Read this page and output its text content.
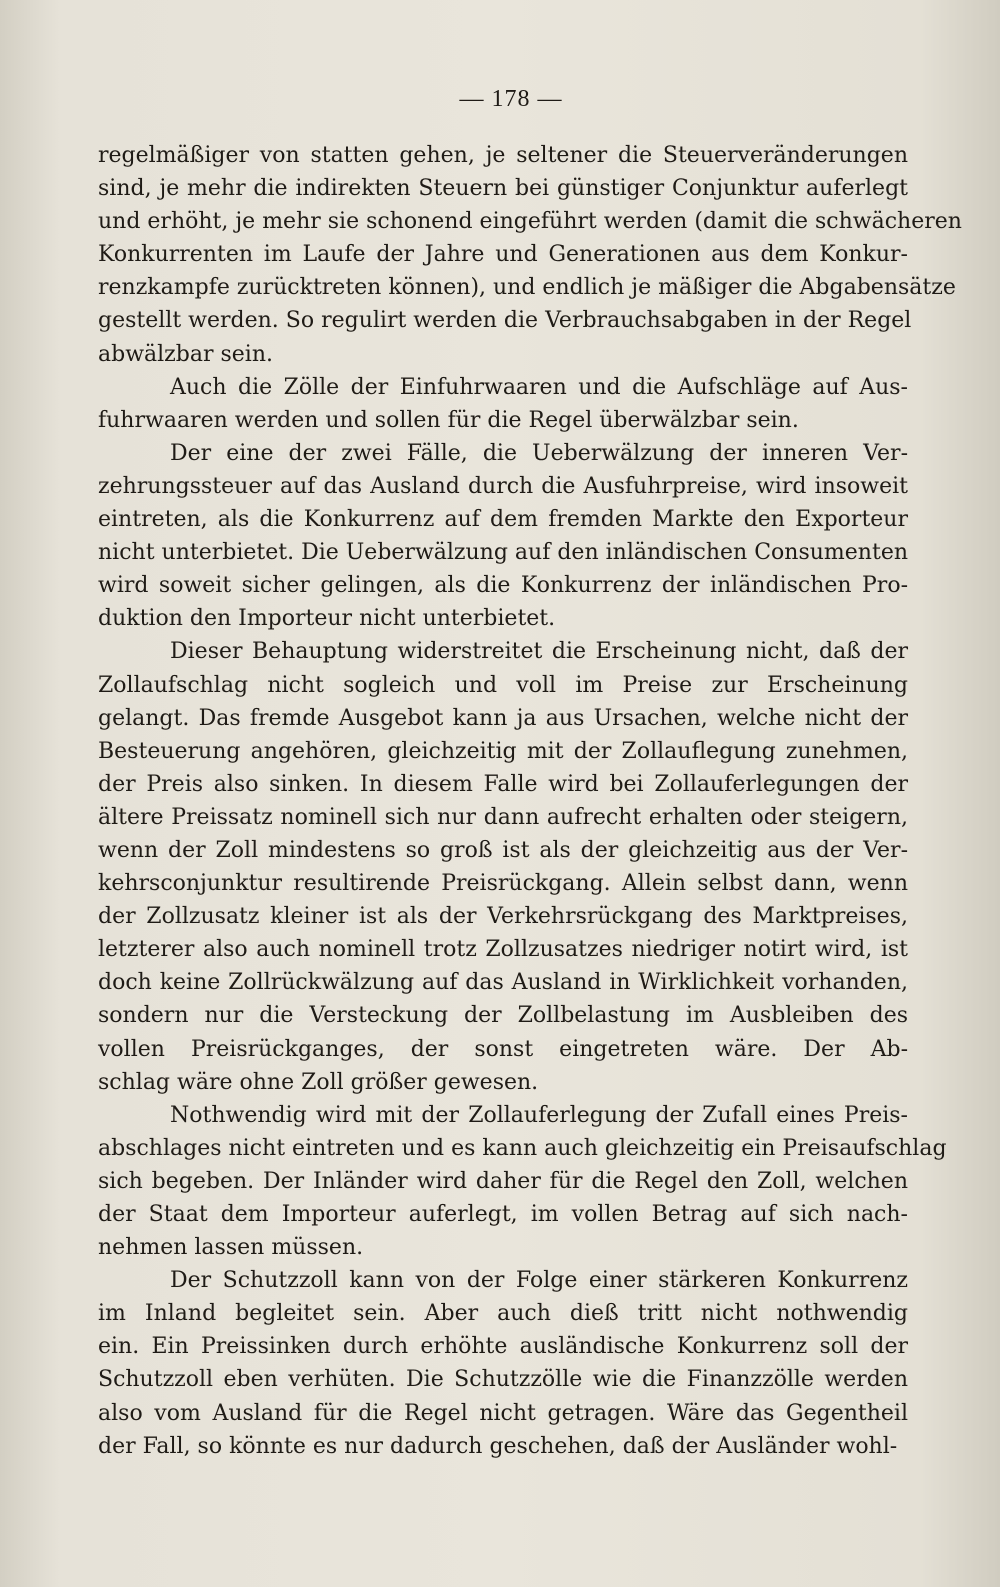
— 178 —
regelmäßiger von statten gehen, je seltener die Steuerveränderungen
sind, je mehr die indirekten Steuern bei günstiger Conjunktur auferlegt
und erhöht, je mehr sie schonend eingeführt werden (damit die schwächeren
Konkurrenten im Laufe der Jahre und Generationen aus dem Konkur-
renzkampfe zurücktreten können), und endlich je mäßiger die Abgabensätze
gestellt werden. So regulirt werden die Verbrauchsabgaben in der Regel
abwälzbar sein.
Auch die Zölle der Einfuhrwaaren und die Aufschläge auf Aus-
fuhrwaaren werden und sollen für die Regel überwälzbar sein.
Der eine der zwei Fälle, die Ueberwälzung der inneren Ver-
zehrungssteuer auf das Ausland durch die Ausfuhrpreise, wird insoweit
eintreten, als die Konkurrenz auf dem fremden Markte den Exporteur
nicht unterbietet. Die Ueberwälzung auf den inländischen Consumenten
wird soweit sicher gelingen, als die Konkurrenz der inländischen Pro-
duktion den Importeur nicht unterbietet.
Dieser Behauptung widerstreitet die Erscheinung nicht, daß der
Zollaufschlag nicht sogleich und voll im Preise zur Erscheinung
gelangt. Das fremde Ausgebot kann ja aus Ursachen, welche nicht der
Besteuerung angehören, gleichzeitig mit der Zollauflegung zunehmen,
der Preis also sinken. In diesem Falle wird bei Zollauferlegungen der
ältere Preissatz nominell sich nur dann aufrecht erhalten oder steigern,
wenn der Zoll mindestens so groß ist als der gleichzeitig aus der Ver-
kehrsconjunktur resultirende Preisrückgang. Allein selbst dann, wenn
der Zollzusatz kleiner ist als der Verkehrsrückgang des Marktpreises,
letzterer also auch nominell trotz Zollzusatzes niedriger notirt wird, ist
doch keine Zollrückwälzung auf das Ausland in Wirklichkeit vorhanden,
sondern nur die Versteckung der Zollbelastung im Ausbleiben des
vollen Preisrückganges, der sonst eingetreten wäre. Der Ab-
schlag wäre ohne Zoll größer gewesen.
Nothwendig wird mit der Zollauferlegung der Zufall eines Preis-
abschlages nicht eintreten und es kann auch gleichzeitig ein Preisaufschlag
sich begeben. Der Inländer wird daher für die Regel den Zoll, welchen
der Staat dem Importeur auferlegt, im vollen Betrag auf sich nach-
nehmen lassen müssen.
Der Schutzzoll kann von der Folge einer stärkeren Konkurrenz
im Inland begleitet sein. Aber auch dieß tritt nicht nothwendig
ein. Ein Preissinken durch erhöhte ausländische Konkurrenz soll der
Schutzzoll eben verhüten. Die Schutzzölle wie die Finanzzölle werden
also vom Ausland für die Regel nicht getragen. Wäre das Gegentheil
der Fall, so könnte es nur dadurch geschehen, daß der Ausländer wohl-
